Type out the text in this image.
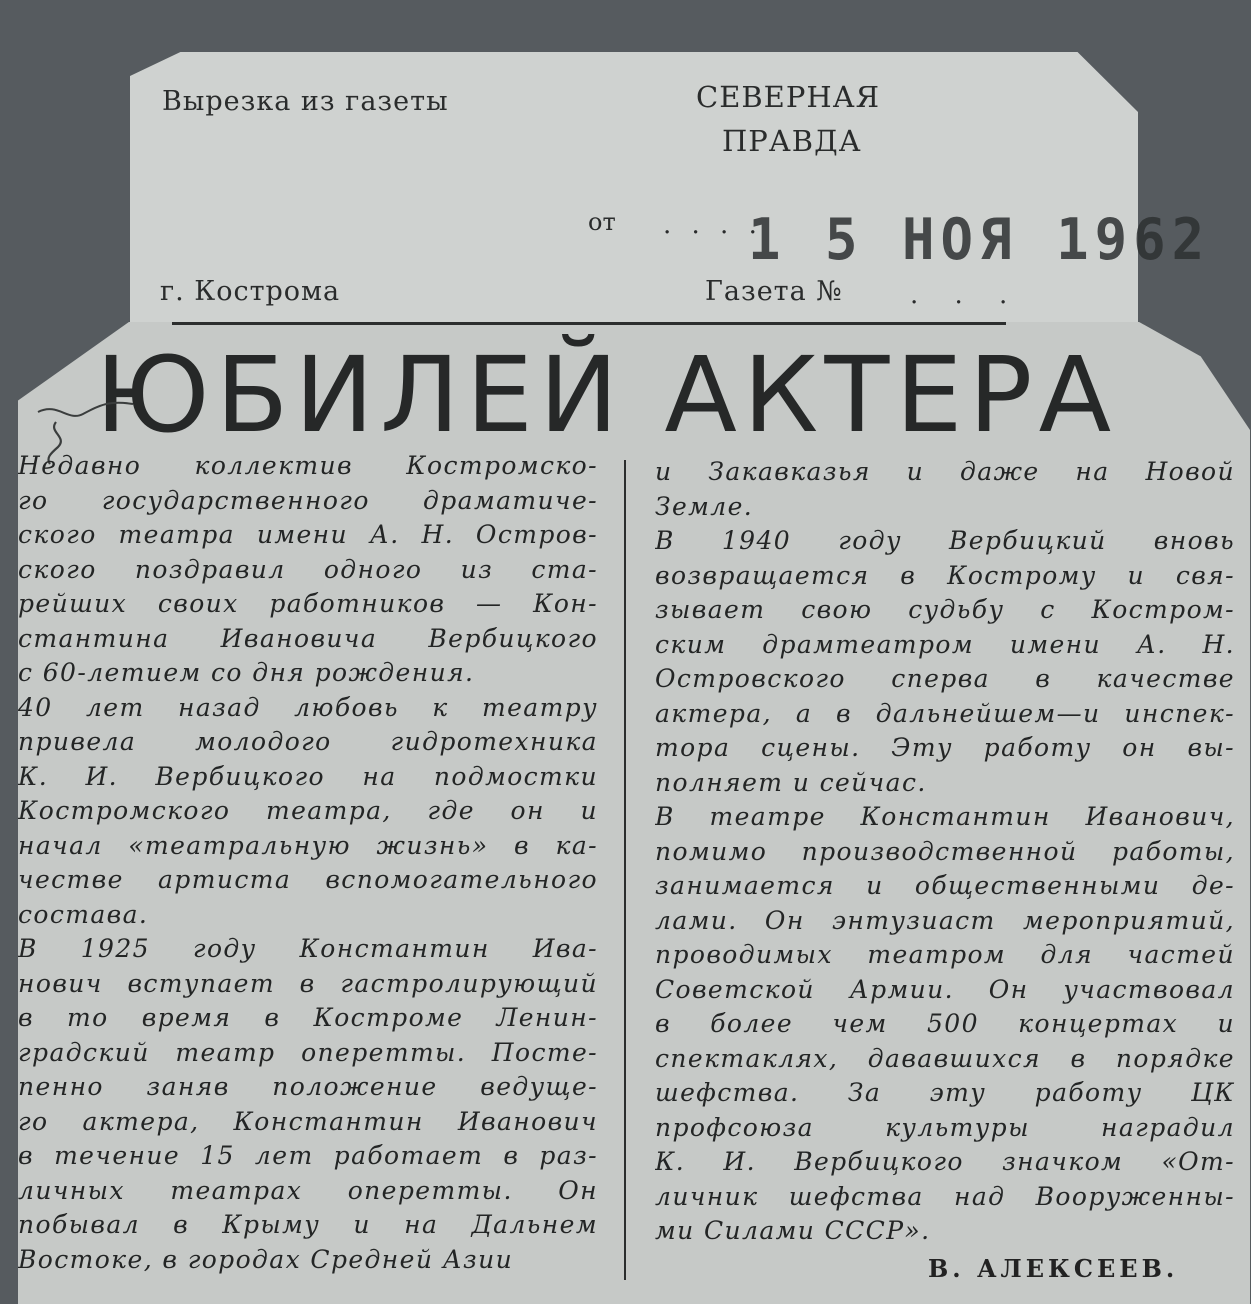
Вырезка из газеты	СЕВЕРНАЯ
ПРАВДА
от . . . .
1 5 НОЯ 1962
г. Кострома	Газета №	. . .
ЮБИЛЕЙ АКТЕРА
Недавно коллектив Костромско-
го государственного драматиче-
ского театра имени А. Н. Остров-
ского поздравил одного из ста-
рейших своих работников — Кон-
стантина Ивановича Вербицкого
с 60-летием со дня рождения.
40 лет назад любовь к театру
привела молодого гидротехника
К. И. Вербицкого на подмостки
Костромского театра, где он и
начал «театральную жизнь» в ка-
честве артиста вспомогательного
состава.
В 1925 году Константин Ива-
нович вступает в гастролирующий
в то время в Костроме Ленин-
градский театр оперетты. Посте-
пенно заняв положение ведуще-
го актера, Константин Иванович
в течение 15 лет работает в раз-
личных театрах оперетты. Он
побывал в Крыму и на Дальнем
Востоке, в городах Средней Азии
и Закавказья и даже на Новой
Земле.
В 1940 году Вербицкий вновь
возвращается в Кострому и свя-
зывает свою судьбу с Костром-
ским драмтеатром имени А. Н.
Островского сперва в качестве
актера, а в дальнейшем—и инспек-
тора сцены. Эту работу он вы-
полняет и сейчас.
В театре Константин Иванович,
помимо производственной работы,
занимается и общественными де-
лами. Он энтузиаст мероприятий,
проводимых театром для частей
Советской Армии. Он участвовал
в более чем 500 концертах и
спектаклях, дававшихся в порядке
шефства. За эту работу ЦК
профсоюза культуры наградил
К. И. Вербицкого значком «От-
личник шефства над Вооруженны-
ми Силами СССР».
В. АЛЕКСЕЕВ.
